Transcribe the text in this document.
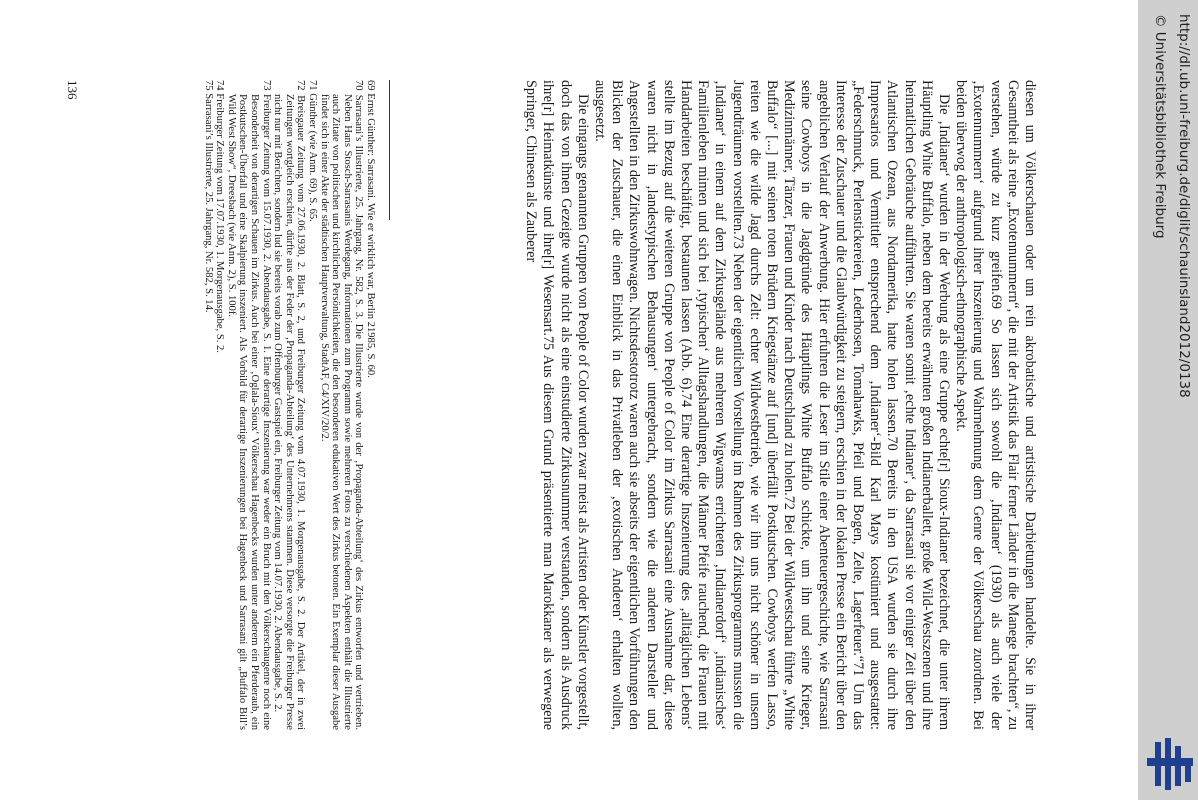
diesen um Völkerschauen oder um rein akrobatische und artistische Darbietungen handelte. Sie in ihrer Gesamtheit als reine „Exotennummern“, die mit der Artistik das Flair ferner Länder in die Manege brachten“, zu verstehen, würde zu kurz greifen.69 So lassen sich sowohl die ‚Indianer‘ (1930) als auch viele der ‚Exotennummern‘ aufgrund ihrer Inszenierung und Wahrnehmung dem Genre der Völkerschau zuordnen. Bei beiden überwog der anthropologisch-ethnographische Aspekt.

Die ‚Indianer‘ wurden in der Werbung als eine Gruppe echte[r] Sioux-Indianer bezeichnet, die unter ihrem Häuptling White Buffalo, neben dem bereits erwähnten großen Indianerballett, große Wild-Westszenen und ihre heimatlichen Gebräuche aufführten. Sie waren somit ‚echte Indianer‘, da Sarrasani sie vor einiger Zeit über den Atlantischen Ozean, aus Nordamerika, hatte holen lassen.70 Bereits in den USA wurden sie durch ihre Impresarios und Vermittler entsprechend dem ‚Indianer‘-Bild Karl Mays kostümiert und ausgestattet: „Federschmuck, Perlenstickereien, Lederhosen, Tomahawks, Pfeil und Bogen, Zelte, Lagerfeuer.“71 Um das Interesse der Zuschauer und die Glaubwürdigkeit zu steigern, erschien in der lokalen Presse ein Bericht über den angeblichen Verlauf der Anwerbung. Hier erfuhren die Leser im Stile einer Abenteuergeschichte, wie Sarrasani seine Cowboys in die Jagdgründe des Häuptlings White Buffalo schickte, um ihn und seine Krieger, Medizinmänner, Tänzer, Frauen und Kinder nach Deutschland zu holen.72 Bei der Wildwestschau führte „White Buffalo“ [...] mit seinen roten Brüdern Kriegstänze auf [und] überfällt Postkutschen. Cowboys werfen Lasso, reiten wie die wilde Jagd durchs Zelt: echter Wildwestbetrieb, wie wir ihn uns nicht schöner in unsern Jugendträumen vorstellten.73 Neben der eigentlichen Vorstellung im Rahmen des Zirkusprogramms mussten die ‚Indianer‘ in einem auf dem Zirkusgelände aus mehreren Wigwams errichteten ‚Indianerdorf‘ ‚indianisches‘ Familienleben mimen und sich bei ‚typischen‘ Alltagshandlungen, die Männer Pfeife rauchend, die Frauen mit Handarbeiten beschäftigt, bestaunen lassen (Abb. 6).74 Eine derartige Inszenierung des ‚alltäglichen Lebens‘ stellte im Bezug auf die weiteren Gruppe von People of Color im Zirkus Sarrasani eine Ausnahme dar, diese waren nicht in ‚landestypischen Behausungen‘ untergebracht, sondern wie die anderen Darsteller und Angestellten in den Zirkuswohnwagen. Nichtsdestotrotz waren auch sie abseits der eigentlichen Vorführungen den Blicken der Zuschauer, die einen Einblick in das Privatleben der ‚exotischen Anderen‘ erhalten wollten, ausgesetzt.

Die eingangs genannten Gruppen von People of Color wurden zwar meist als Artisten oder Künstler vorgestellt, doch das von ihnen Gezeigte wurde nicht als eine einstudierte Zirkusnummer verstanden, sondern als Ausdruck ihre[r] Heimatkünste und ihre[r] Wesensart.75 Aus diesem Grund präsentierte man Marokkaner als verwegene Springer, Chinesen als Zauberer

69 Ernst Günther: Sarrasani. Wie er wirklich war, Berlin 21985, S. 60.

70 Sarrasani’s Illustrierte, 25. Jahrgang, Nr. 582, S. 3. Die Illustrierte wurde von der ‚Propaganda-Abteilung‘ des Zirkus entworfen und vertrieben. Neben Hans Stosch-Sarrasanis Werdegang, Informationen zum Programm sowie mehreren Fotos zu verschiedenen Aspekten enthält die Illustrierte auch Zitate von politischen und kirchlichen Persönlichkeiten, die den besonderen edukativen Wert des Zirkus betonen. Ein Exemplar dieser Ausgabe findet sich in einer Akte der städtischen Hauptverwaltung, StadtAF, C4/XIV/20/2.

71 Günther (wie Anm. 69), S. 65.

72 Breisgauer Zeitung vom 27.06.1930, 2. Blatt, S. 2, und Freiburger Zeitung vom 4.07.1930, 1. Morgenausgabe, S. 2. Der Artikel, der in zwei Zeitungen wortgleich erschien, dürfte aus der Feder der ‚Propaganda-Abteilung‘ des Unternehmens stammen. Diese versorgte die Freiburger Presse nicht nur mit Berichten, sondern lud sie bereits vorab zum Offenburger Gastspiel ein, Freiburger Zeitung vom 14.07.1930, 2. Abendausgabe, S. 2.

73 Freiburger Zeitung vom 15.07.1930, 2. Abendausgabe, S. 1. Eine derartige Inszenierung war weder ein Bruch mit den Völkerschaugenre noch eine Besonderheit von derartigen Schauen im Zirkus. Auch bei einer ‚Oglala-Sioux‘ Völkerschau Hagenbecks wurden unter anderem ein Pferderaub, ein Postkutschen-Überfall und eine Skalpierung inszeniert. Als Vorbild für derartige Inszenierungen bei Hagenbeck und Sarrasani gilt „Buffalo Bill’s Wild West Show“, Dreesbach (wie Anm. 2), S. 100f.

74 Freiburger Zeitung vom 17.07.1930, 1. Morgenausgabe, S. 2.

75 Sarrasani’s Illustrierte, 25. Jahrgang, Nr. 582, S. 14.

136	http://dl.ub.uni-freiburg.de/diglit/schauinsland2012/0138
© Universitätsbibliothek Freiburg
